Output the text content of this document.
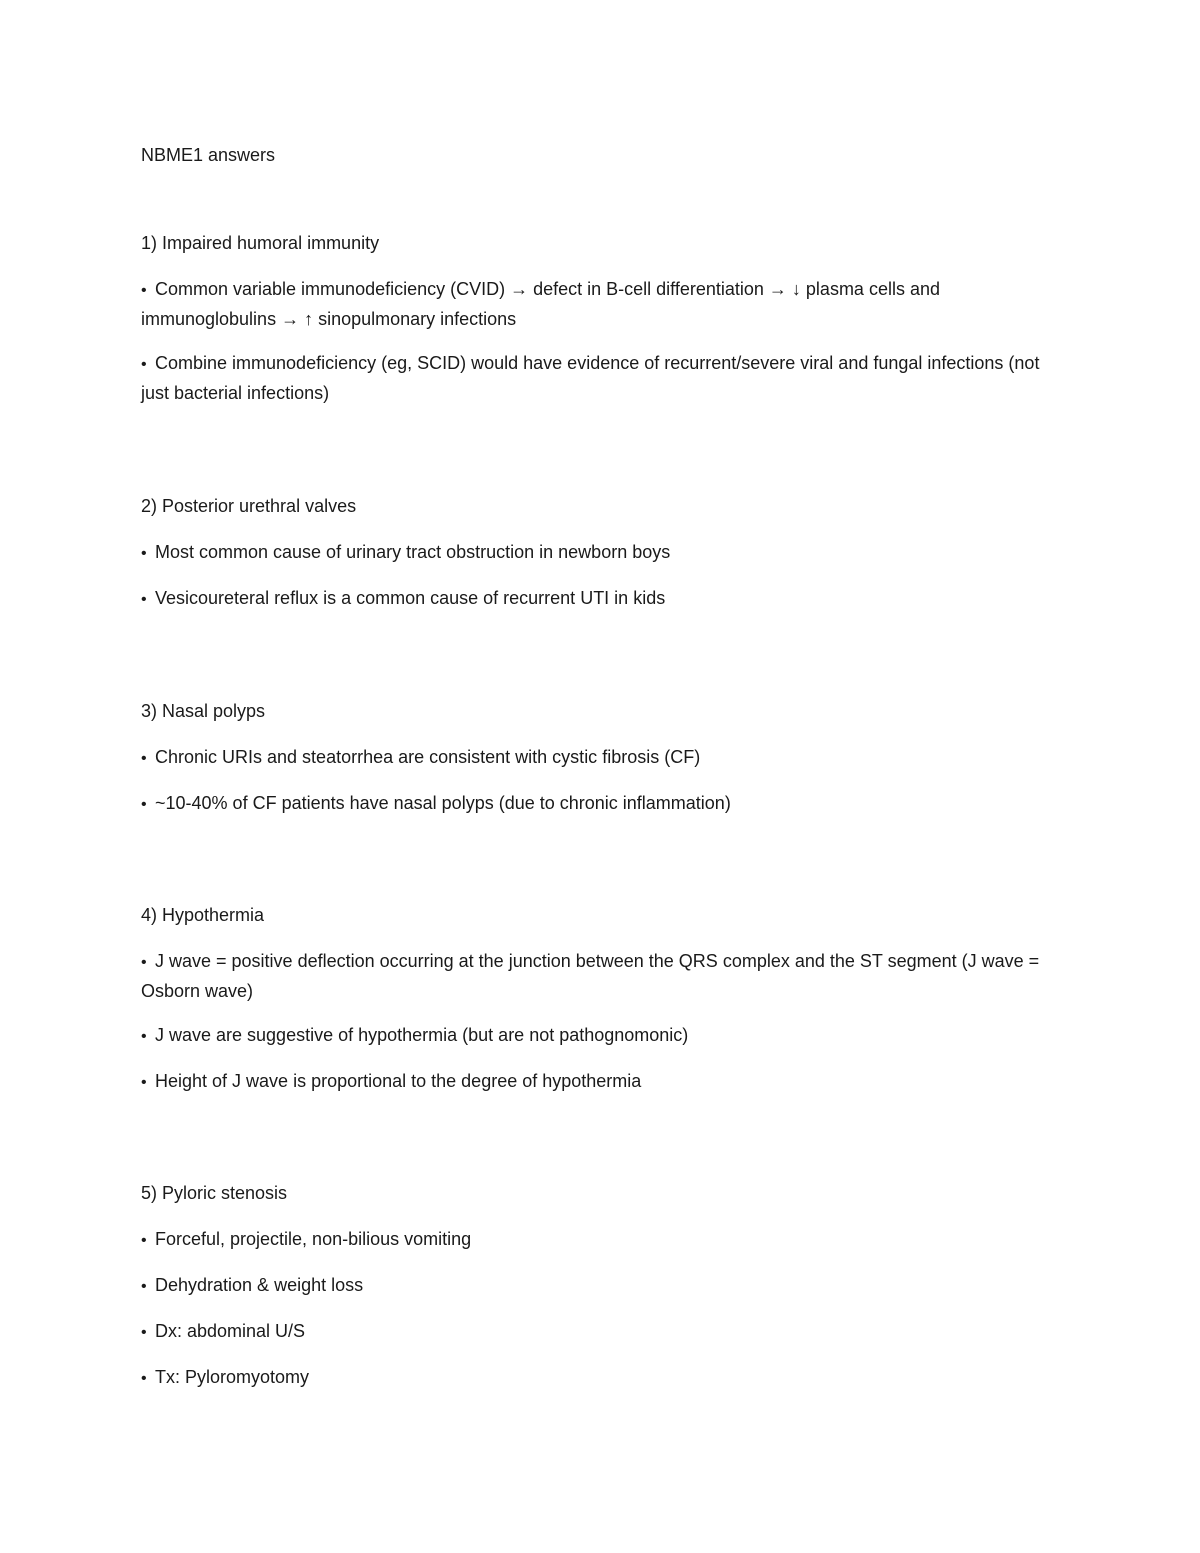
NBME1 answers

1) Impaired humoral immunity

• Common variable immunodeficiency (CVID) → defect in B-cell differentiation → ↓ plasma cells and immunoglobulins → ↑ sinopulmonary infections
• Combine immunodeficiency (eg, SCID) would have evidence of recurrent/severe viral and fungal infections (not just bacterial infections)

2) Posterior urethral valves

• Most common cause of urinary tract obstruction in newborn boys
• Vesicoureteral reflux is a common cause of recurrent UTI in kids

3) Nasal polyps

• Chronic URIs and steatorrhea are consistent with cystic fibrosis (CF)
• ~10-40% of CF patients have nasal polyps (due to chronic inflammation)

4) Hypothermia

• J wave = positive deflection occurring at the junction between the QRS complex and the ST segment (J wave = Osborn wave)
• J wave are suggestive of hypothermia (but are not pathognomonic)
• Height of J wave is proportional to the degree of hypothermia

5) Pyloric stenosis

• Forceful, projectile, non-bilious vomiting
• Dehydration & weight loss
• Dx: abdominal U/S
• Tx: Pyloromyotomy
